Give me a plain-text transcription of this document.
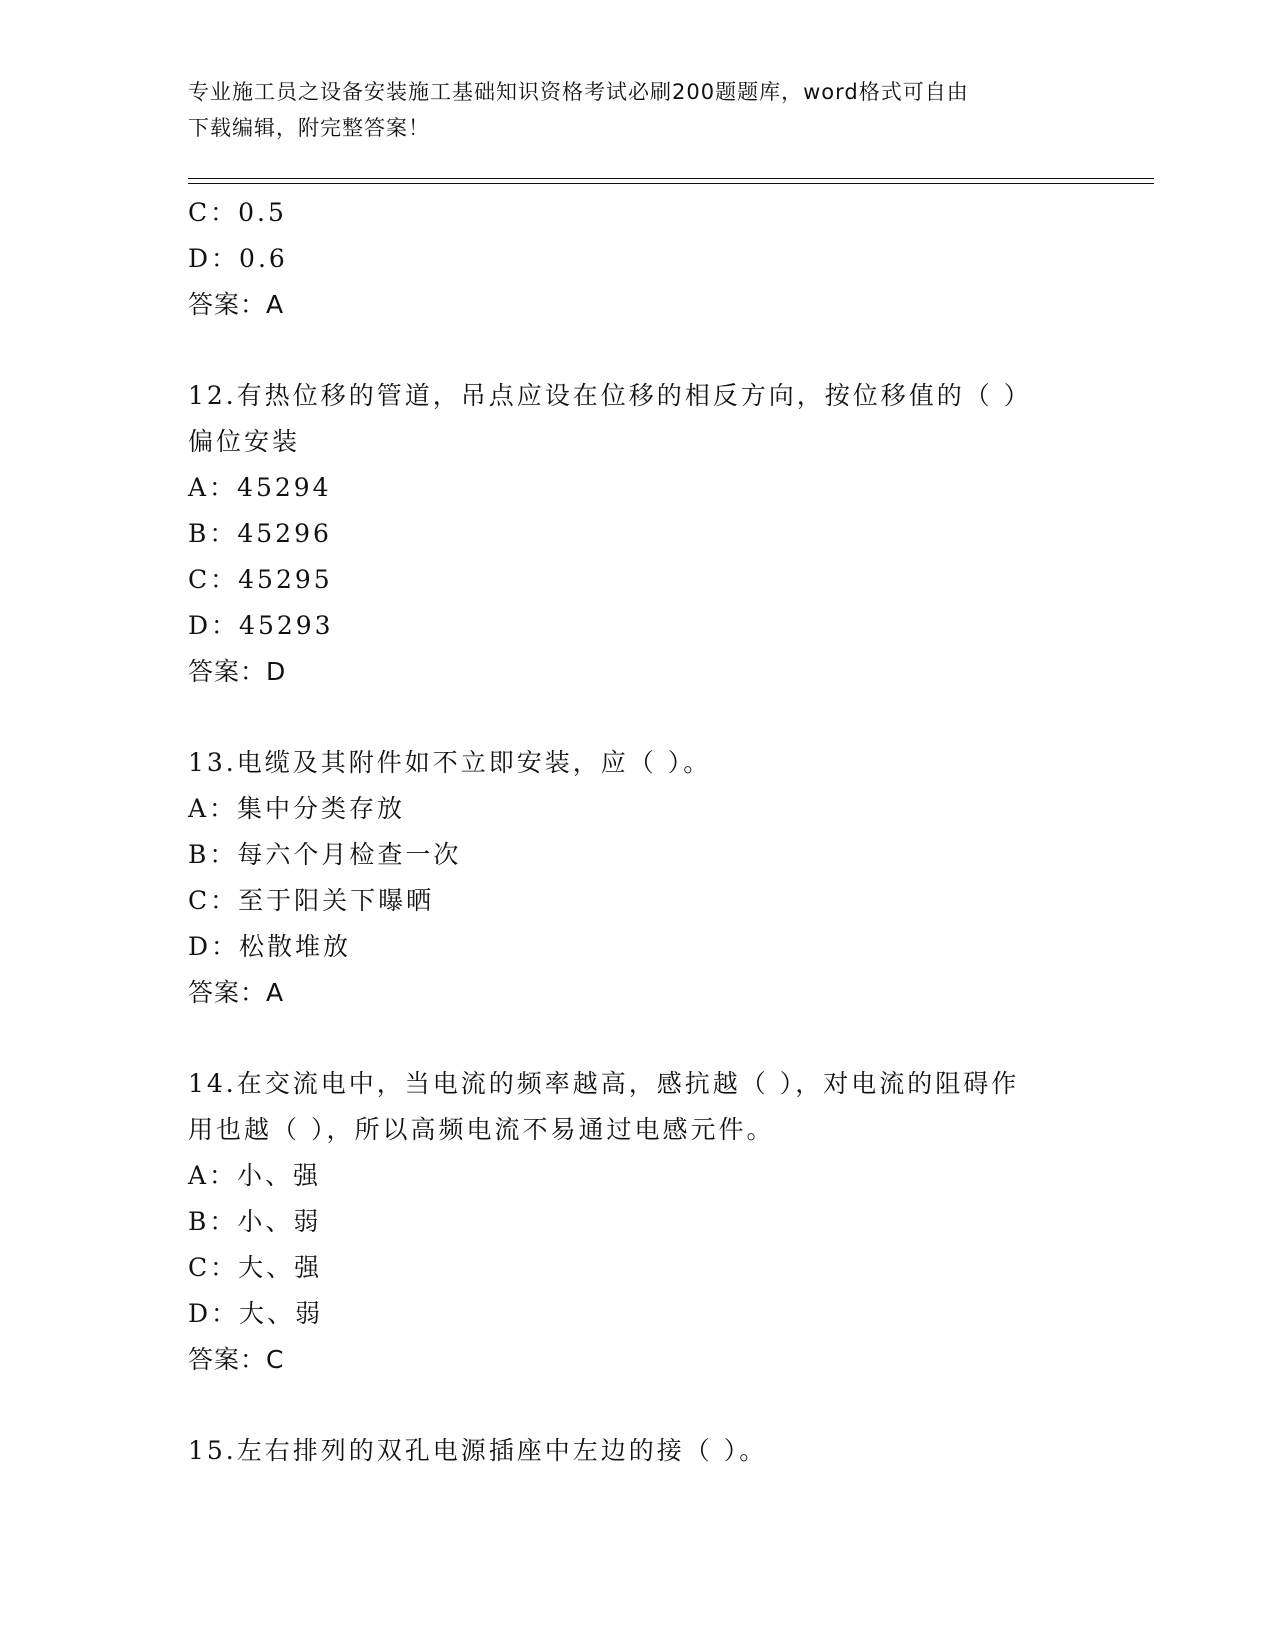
专业施工员之设备安装施工基础知识资格考试必刷200题题库，word格式可自由
下载编辑，附完整答案！
C：0.5
D：0.6
答案：A
12.有热位移的管道，吊点应设在位移的相反方向，按位移值的（ ）
偏位安装
A：45294
B：45296
C：45295
D：45293
答案：D
13.电缆及其附件如不立即安装，应（ ）。
A：集中分类存放
B：每六个月检查一次
C：至于阳关下曝晒
D：松散堆放
答案：A
14.在交流电中，当电流的频率越高，感抗越（ ），对电流的阻碍作
用也越（ ），所以高频电流不易通过电感元件。
A：小、强
B：小、弱
C：大、强
D：大、弱
答案：C
15.左右排列的双孔电源插座中左边的接（ ）。
